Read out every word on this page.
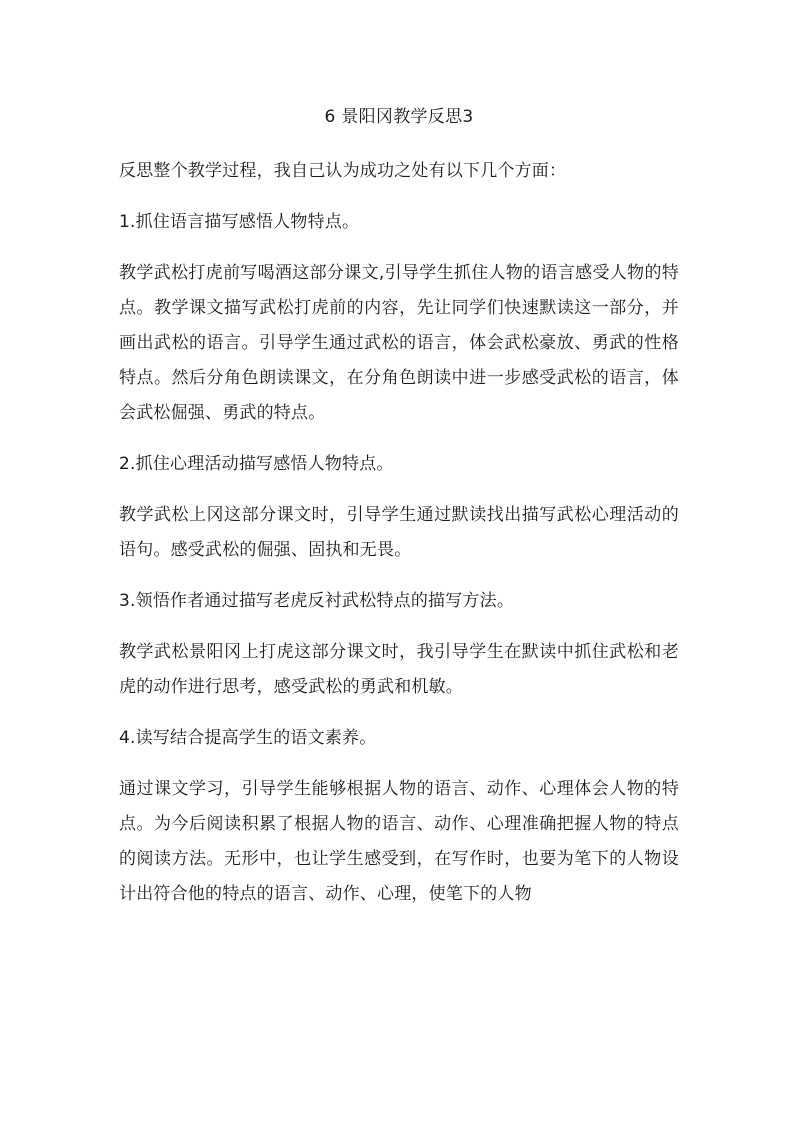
6 景阳冈教学反思3

反思整个教学过程，我自己认为成功之处有以下几个方面：

1.抓住语言描写感悟人物特点。

教学武松打虎前写喝酒这部分课文,引导学生抓住人物的语言感受人物的特点。教学课文描写武松打虎前的内容，先让同学们快速默读这一部分，并画出武松的语言。引导学生通过武松的语言，体会武松豪放、勇武的性格特点。然后分角色朗读课文，在分角色朗读中进一步感受武松的语言，体会武松倔强、勇武的特点。

2.抓住心理活动描写感悟人物特点。

教学武松上冈这部分课文时，引导学生通过默读找出描写武松心理活动的语句。感受武松的倔强、固执和无畏。

3.领悟作者通过描写老虎反衬武松特点的描写方法。

教学武松景阳冈上打虎这部分课文时，我引导学生在默读中抓住武松和老虎的动作进行思考，感受武松的勇武和机敏。

4.读写结合提高学生的语文素养。

通过课文学习，引导学生能够根据人物的语言、动作、心理体会人物的特点。为今后阅读积累了根据人物的语言、动作、心理准确把握人物的特点的阅读方法。无形中，也让学生感受到，在写作时，也要为笔下的人物设计出符合他的特点的语言、动作、心理，使笔下的人物
